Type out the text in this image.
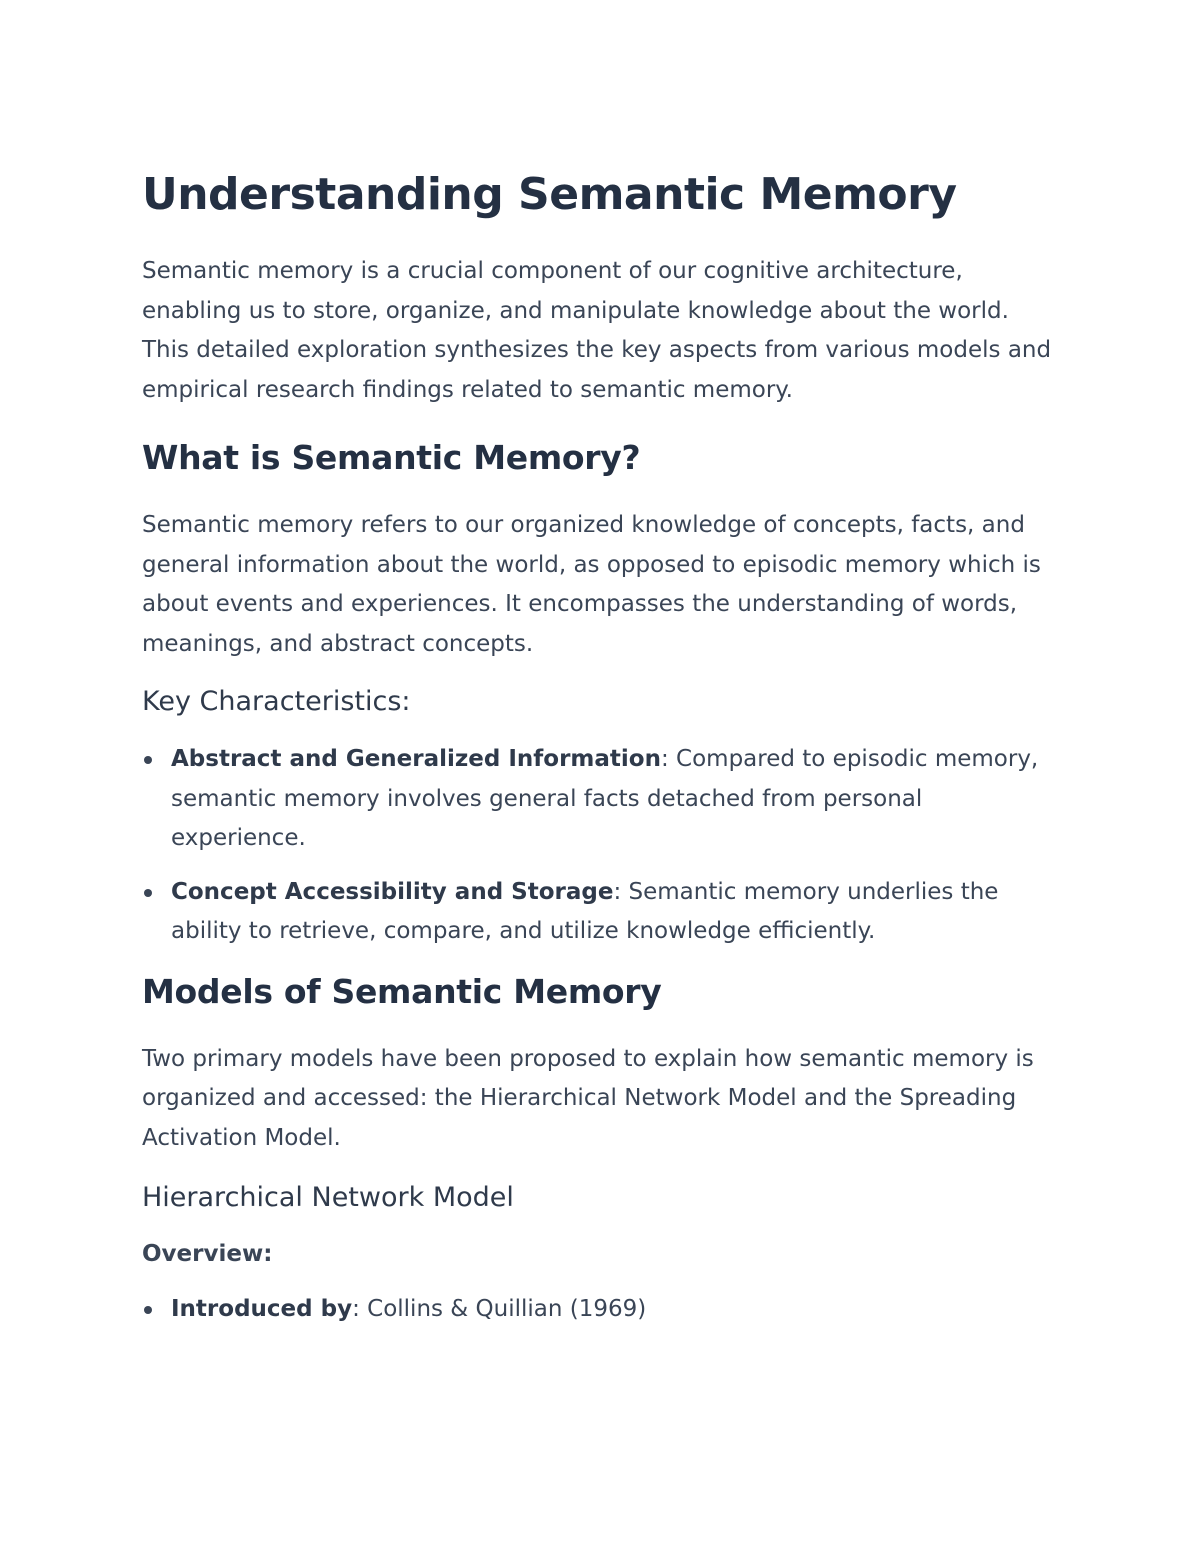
Understanding Semantic Memory

Semantic memory is a crucial component of our cognitive architecture, enabling us to store, organize, and manipulate knowledge about the world. This detailed exploration synthesizes the key aspects from various models and empirical research findings related to semantic memory.

What is Semantic Memory?

Semantic memory refers to our organized knowledge of concepts, facts, and general information about the world, as opposed to episodic memory which is about events and experiences. It encompasses the understanding of words, meanings, and abstract concepts.

Key Characteristics:
Abstract and Generalized Information: Compared to episodic memory, semantic memory involves general facts detached from personal experience.
Concept Accessibility and Storage: Semantic memory underlies the ability to retrieve, compare, and utilize knowledge efficiently.
Models of Semantic Memory

Two primary models have been proposed to explain how semantic memory is organized and accessed: the Hierarchical Network Model and the Spreading Activation Model.

Hierarchical Network Model
Overview:
Introduced by: Collins & Quillian (1969)
